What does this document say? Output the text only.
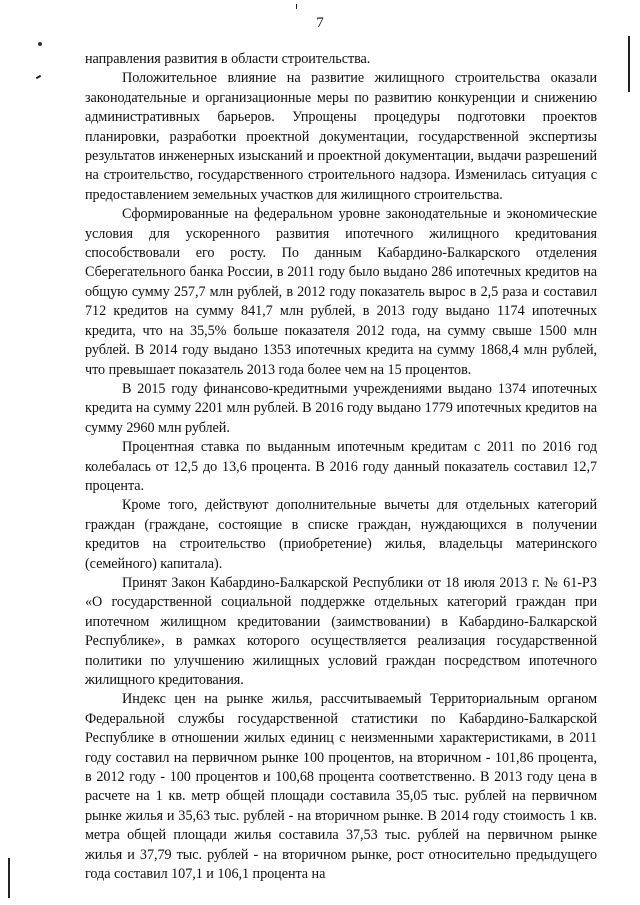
7

направления развития в области строительства.

Положительное влияние на развитие жилищного строительства оказали законодательные и организационные меры по развитию конкуренции и снижению административных барьеров. Упрощены процедуры подготовки проектов планировки, разработки проектной документации, государственной экспертизы результатов инженерных изысканий и проектной документации, выдачи разрешений на строительство, государственного строительного надзора. Изменилась ситуация с предоставлением земельных участков для жилищного строительства.

Сформированные на федеральном уровне законодательные и экономические условия для ускоренного развития ипотечного жилищного кредитования способствовали его росту. По данным Кабардино-Балкарского отделения Сберегательного банка России, в 2011 году было выдано 286 ипотечных кредитов на общую сумму 257,7 млн рублей, в 2012 году показатель вырос в 2,5 раза и составил 712 кредитов на сумму 841,7 млн рублей, в 2013 году выдано 1174 ипотечных кредита, что на 35,5% больше показателя 2012 года, на сумму свыше 1500 млн рублей. В 2014 году выдано 1353 ипотечных кредита на сумму 1868,4 млн рублей, что превышает показатель 2013 года более чем на 15 процентов.

В 2015 году финансово-кредитными учреждениями выдано 1374 ипотечных кредита на сумму 2201 млн рублей. В 2016 году выдано 1779 ипотечных кредитов на сумму 2960 млн рублей.

Процентная ставка по выданным ипотечным кредитам с 2011 по 2016 год колебалась от 12,5 до 13,6 процента. В 2016 году данный показатель составил 12,7 процента.

Кроме того, действуют дополнительные вычеты для отдельных категорий граждан (граждане, состоящие в списке граждан, нуждающихся в получении кредитов на строительство (приобретение) жилья, владельцы материнского (семейного) капитала).

Принят Закон Кабардино-Балкарской Республики от 18 июля 2013 г. № 61-РЗ «О государственной социальной поддержке отдельных категорий граждан при ипотечном жилищном кредитовании (заимствовании) в Кабардино-Балкарской Республике», в рамках которого осуществляется реализация государственной политики по улучшению жилищных условий граждан посредством ипотечного жилищного кредитования.

Индекс цен на рынке жилья, рассчитываемый Территориальным органом Федеральной службы государственной статистики по Кабардино-Балкарской Республике в отношении жилых единиц с неизменными характеристиками, в 2011 году составил на первичном рынке 100 процентов, на вторичном - 101,86 процента, в 2012 году - 100 процентов и 100,68 процента соответственно. В 2013 году цена в расчете на 1 кв. метр общей площади составила 35,05 тыс. рублей на первичном рынке жилья и 35,63 тыс. рублей - на вторичном рынке. В 2014 году стоимость 1 кв. метра общей площади жилья составила 37,53 тыс. рублей на первичном рынке жилья и 37,79 тыс. рублей - на вторичном рынке, рост относительно предыдущего года составил 107,1 и 106,1 процента на
